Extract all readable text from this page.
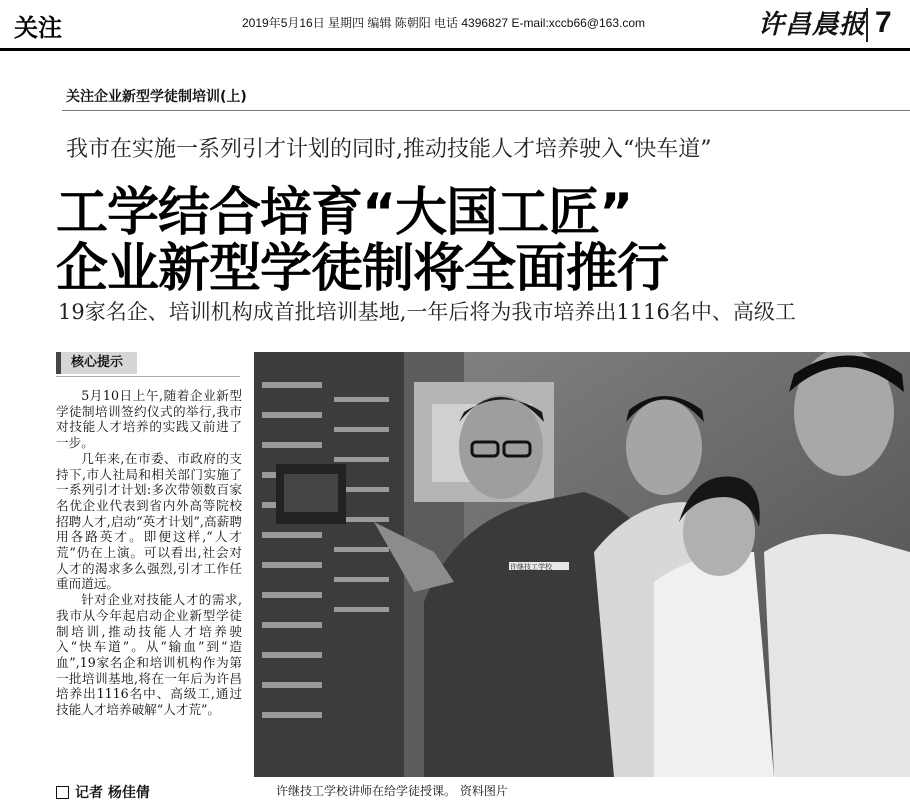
关注	2019年5月16日 星期四 编辑 陈朝阳 电话 4396827 E-mail:xccb66@163.com	许昌晨报 7
关注企业新型学徒制培训(上)
我市在实施一系列引才计划的同时,推动技能人才培养驶入“快车道”
工学结合培育“大国工匠”
企业新型学徒制将全面推行
19家名企、培训机构成首批培训基地,一年后将为我市培养出1116名中、高级工
核心提示

5月10日上午,随着企业新型学徒制培训签约仪式的举行,我市对技能人才培养的实践又前进了一步。

几年来,在市委、市政府的支持下,市人社局和相关部门实施了一系列引才计划:多次带领数百家名优企业代表到省内外高等院校招聘人才,启动“英才计划”,高薪聘用各路英才。即便这样,“人才荒”仍在上演。可以看出,社会对人才的渴求多么强烈,引才工作任重而道远。

针对企业对技能人才的需求,我市从今年起启动企业新型学徒制培训,推动技能人才培养驶入“快车道”。从“输血”到“造血”,19家名企和培训机构作为第一批培训基地,将在一年后为许昌培养出1116名中、高级工,通过技能人才培养破解“人才荒”。

记者 杨佳倩
许继技工学校
许继技工学校讲师在给学徒授课。 资料图片
